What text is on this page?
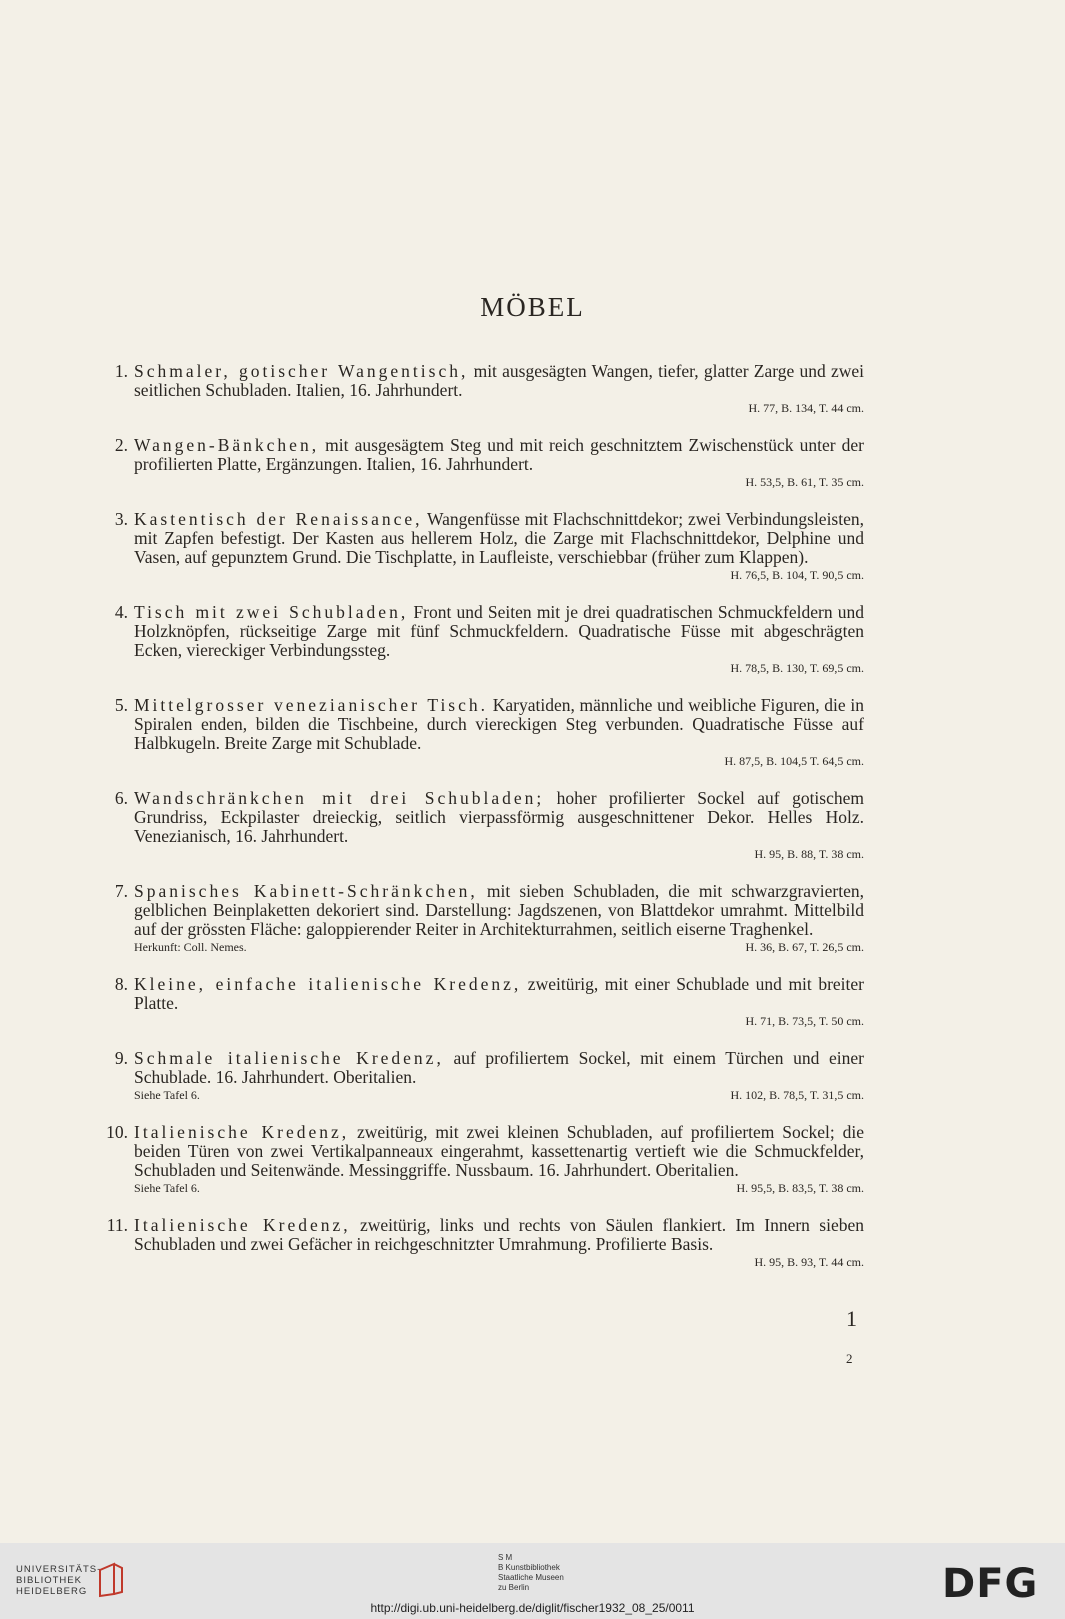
MÖBEL
1. Schmaler, gotischer Wangentisch, mit ausgesägten Wangen, tiefer, glatter Zarge und zwei seitlichen Schubladen. Italien, 16. Jahrhundert.
H. 77, B. 134, T. 44 cm.
2. Wangen-Bänkchen, mit ausgesägtem Steg und mit reich geschnitztem Zwischenstück unter der profilierten Platte, Ergänzungen. Italien, 16. Jahrhundert.
H. 53,5, B. 61, T. 35 cm.
3. Kastentisch der Renaissance, Wangenfüsse mit Flachschnittdekor; zwei Verbindungsleisten, mit Zapfen befestigt. Der Kasten aus hellerem Holz, die Zarge mit Flachschnittdekor, Delphine und Vasen, auf gepunztem Grund. Die Tischplatte, in Laufleiste, verschiebbar (früher zum Klappen).
H. 76,5, B. 104, T. 90,5 cm.
4. Tisch mit zwei Schubladen, Front und Seiten mit je drei quadratischen Schmuckfeldern und Holzknöpfen, rückseitige Zarge mit fünf Schmuckfeldern. Quadratische Füsse mit abgeschrägten Ecken, viereckiger Verbindungssteg.
H. 78,5, B. 130, T. 69,5 cm.
5. Mittelgrosser venezianischer Tisch. Karyatiden, männliche und weibliche Figuren, die in Spiralen enden, bilden die Tischbeine, durch viereckigen Steg verbunden. Quadratische Füsse auf Halbkugeln. Breite Zarge mit Schublade.
H. 87,5, B. 104,5 T. 64,5 cm.
6. Wandschränkchen mit drei Schubladen; hoher profilierter Sockel auf gotischem Grundriss, Eckpilaster dreieckig, seitlich vierpassförmig ausgeschnittener Dekor. Helles Holz. Venezianisch, 16. Jahrhundert.
H. 95, B. 88, T. 38 cm.
7. Spanisches Kabinett-Schränkchen, mit sieben Schubladen, die mit schwarzgravierten, gelblichen Beinplaketten dekoriert sind. Darstellung: Jagdszenen, von Blattdekor umrahmt. Mittelbild auf der grössten Fläche: galoppierender Reiter in Architekturrahmen, seitlich eiserne Traghenkel.
Herkunft: Coll. Nemes.	H. 36, B. 67, T. 26,5 cm.
8. Kleine, einfache italienische Kredenz, zweitürig, mit einer Schublade und mit breiter Platte.
H. 71, B. 73,5, T. 50 cm.
9. Schmale italienische Kredenz, auf profiliertem Sockel, mit einem Türchen und einer Schublade. 16. Jahrhundert. Oberitalien.
Siehe Tafel 6.	H. 102, B. 78,5, T. 31,5 cm.
10. Italienische Kredenz, zweitürig, mit zwei kleinen Schubladen, auf profiliertem Sockel; die beiden Türen von zwei Vertikalpanneaux eingerahmt, kassettenartig vertieft wie die Schmuckfelder, Schubladen und Seitenwände. Messinggriffe. Nussbaum. 16. Jahrhundert. Oberitalien.
Siehe Tafel 6.	H. 95,5, B. 83,5, T. 38 cm.
11. Italienische Kredenz, zweitürig, links und rechts von Säulen flankiert. Im Innern sieben Schubladen und zwei Gefächer in reichgeschnitzter Umrahmung. Profilierte Basis.
H. 95, B. 93, T. 44 cm.
1
2
UNIVERSITÄTS-
BIBLIOTHEK
HEIDELBERG
S M
B Kunstbibliothek
Staatliche Museen
zu Berlin	DFG
http://digi.ub.uni-heidelberg.de/diglit/fischer1932_08_25/0011
